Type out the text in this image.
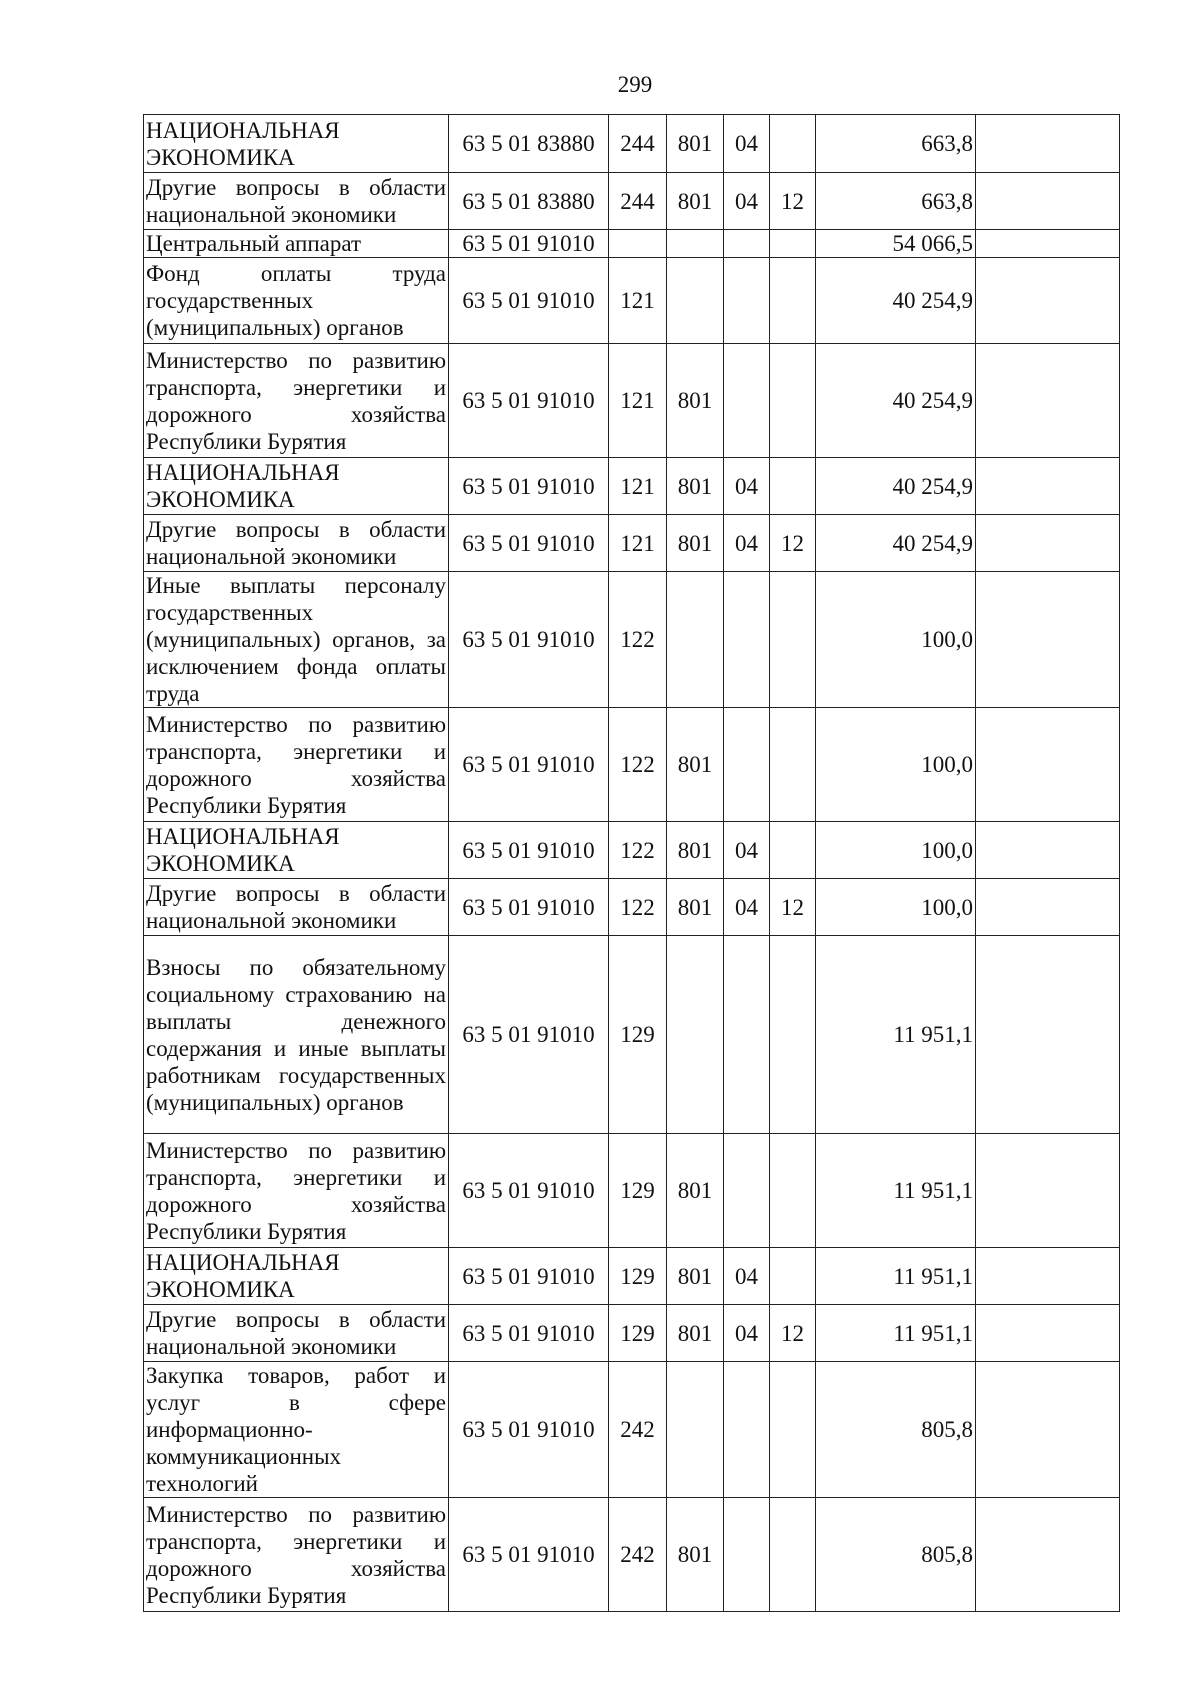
299
НАЦИОНАЛЬНАЯ ЭКОНОМИКА	63 5 01 83880	244	801	04		663,8	
Другие вопросы в области национальной экономики	63 5 01 83880	244	801	04	12	663,8	
Центральный аппарат	63 5 01 91010					54 066,5	
Фонд оплаты труда государственных (муниципальных) органов	63 5 01 91010	121				40 254,9	
Министерство по развитию транспорта, энергетики и дорожного хозяйства Республики Бурятия	63 5 01 91010	121	801			40 254,9	
НАЦИОНАЛЬНАЯ ЭКОНОМИКА	63 5 01 91010	121	801	04		40 254,9	
Другие вопросы в области национальной экономики	63 5 01 91010	121	801	04	12	40 254,9	
Иные выплаты персоналу государственных (муниципальных) органов, за исключением фонда оплаты труда	63 5 01 91010	122				100,0	
Министерство по развитию транспорта, энергетики и дорожного хозяйства Республики Бурятия	63 5 01 91010	122	801			100,0	
НАЦИОНАЛЬНАЯ ЭКОНОМИКА	63 5 01 91010	122	801	04		100,0	
Другие вопросы в области национальной экономики	63 5 01 91010	122	801	04	12	100,0	
Взносы по обязательному социальному страхованию на выплаты денежного содержания и иные выплаты работникам государственных (муниципальных) органов	63 5 01 91010	129				11 951,1	
Министерство по развитию транспорта, энергетики и дорожного хозяйства Республики Бурятия	63 5 01 91010	129	801			11 951,1	
НАЦИОНАЛЬНАЯ ЭКОНОМИКА	63 5 01 91010	129	801	04		11 951,1	
Другие вопросы в области национальной экономики	63 5 01 91010	129	801	04	12	11 951,1	
Закупка товаров, работ и услуг в сфере информационно-коммуникационных технологий	63 5 01 91010	242				805,8	
Министерство по развитию транспорта, энергетики и дорожного хозяйства Республики Бурятия	63 5 01 91010	242	801			805,8	
